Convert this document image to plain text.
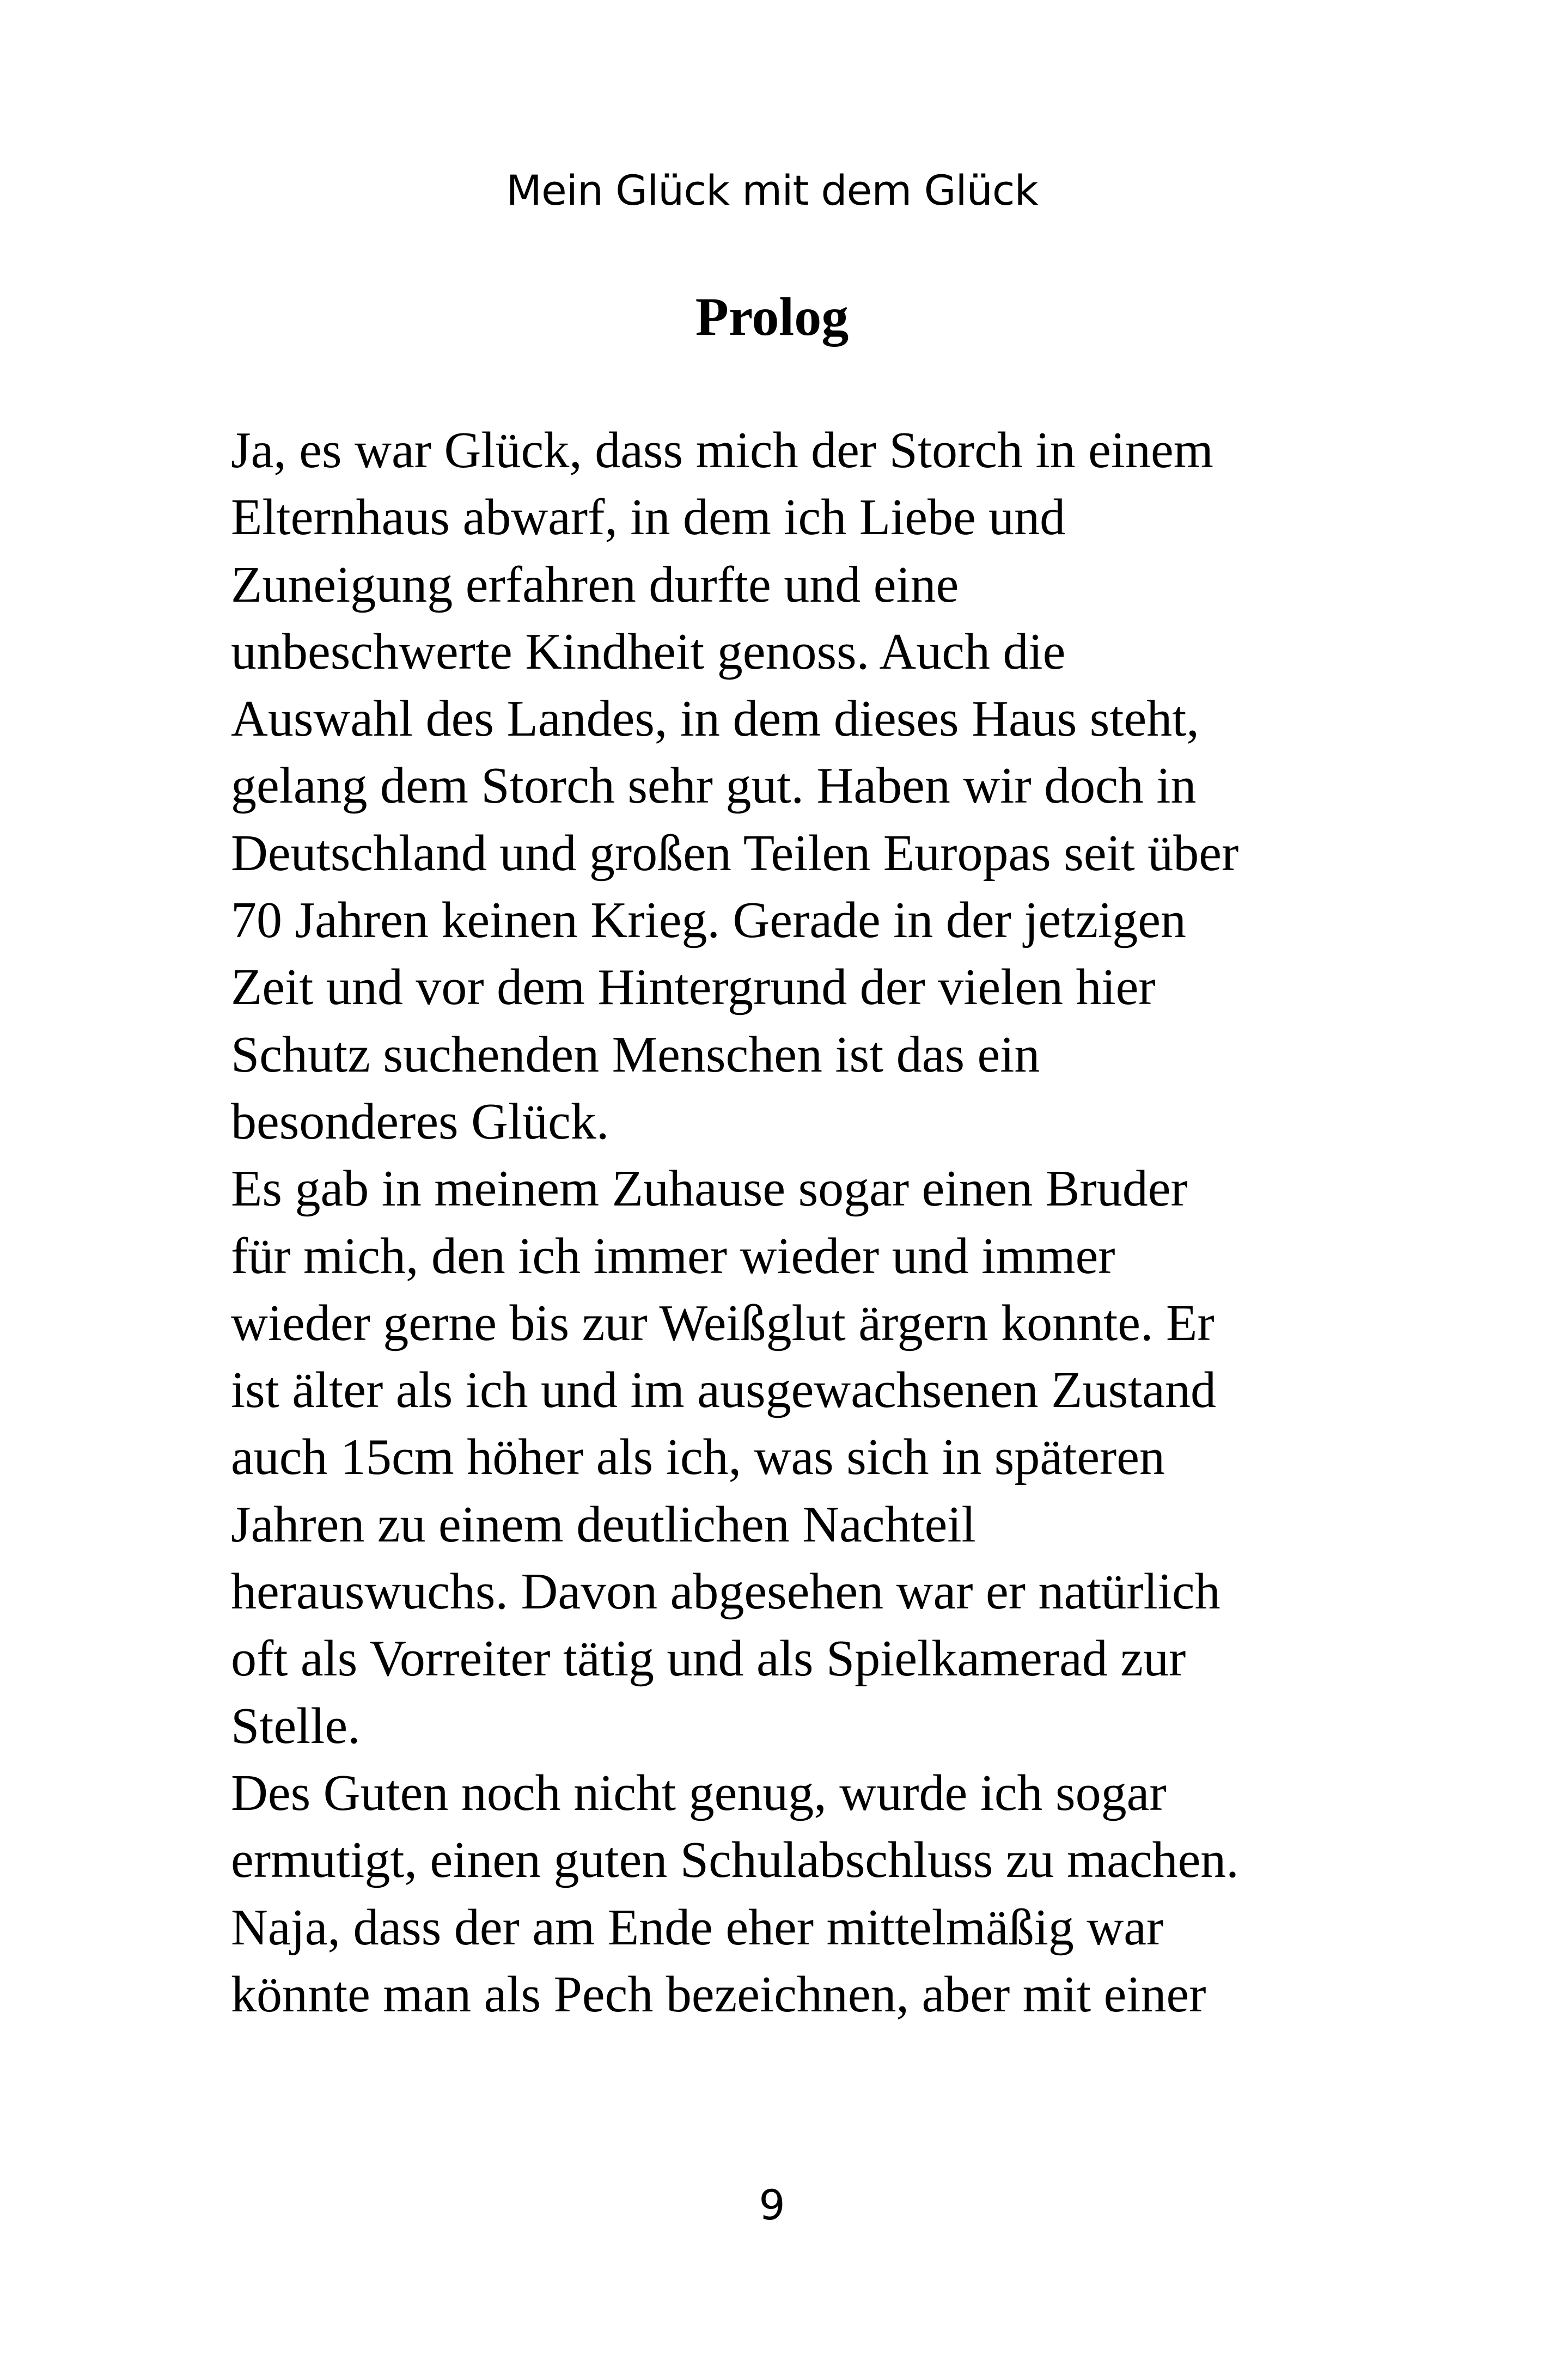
Mein Glück mit dem Glück
Prolog
Ja, es war Glück, dass mich der Storch in einem
Elternhaus abwarf, in dem ich Liebe und
Zuneigung erfahren durfte und eine
unbeschwerte Kindheit genoss. Auch die
Auswahl des Landes, in dem dieses Haus steht,
gelang dem Storch sehr gut. Haben wir doch in
Deutschland und großen Teilen Europas seit über
70 Jahren keinen Krieg. Gerade in der jetzigen
Zeit und vor dem Hintergrund der vielen hier
Schutz suchenden Menschen ist das ein
besonderes Glück.
Es gab in meinem Zuhause sogar einen Bruder
für mich, den ich immer wieder und immer
wieder gerne bis zur Weißglut ärgern konnte. Er
ist älter als ich und im ausgewachsenen Zustand
auch 15cm höher als ich, was sich in späteren
Jahren zu einem deutlichen Nachteil
herauswuchs. Davon abgesehen war er natürlich
oft als Vorreiter tätig und als Spielkamerad zur
Stelle.
Des Guten noch nicht genug, wurde ich sogar
ermutigt, einen guten Schulabschluss zu machen.
Naja, dass der am Ende eher mittelmäßig war
könnte man als Pech bezeichnen, aber mit einer
9
